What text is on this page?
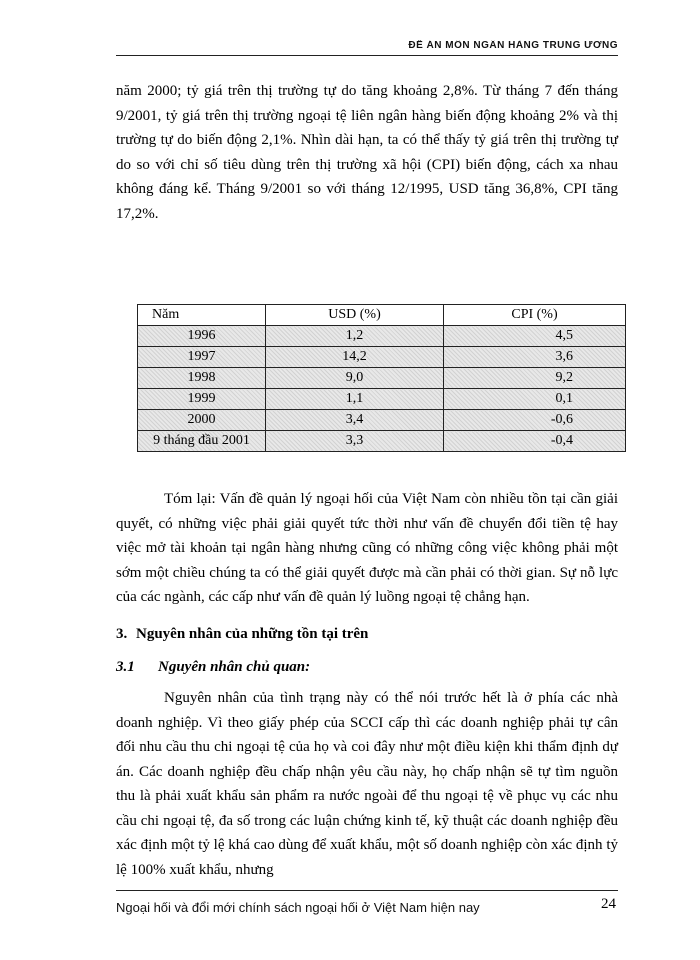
ĐỀ ÁN MÔN NGÂN HÀNG TRUNG ƯƠNG

năm 2000; tỷ giá trên thị trường tự do tăng khoảng 2,8%. Từ tháng 7 đến tháng 9/2001, tỷ giá trên thị trường ngoại tệ liên ngân hàng biến động khoảng 2% và thị trường tự do biến động 2,1%. Nhìn dài hạn, ta có thể thấy tỷ giá trên thị trường tự do so với chỉ số tiêu dùng trên thị trường xã hội (CPI) biến động, cách xa nhau không đáng kể. Tháng 9/2001 so với tháng 12/1995, USD tăng 36,8%, CPI tăng 17,2%.

Năm	USD (%)	CPI (%)
1996	1,2	4,5
1997	14,2	3,6
1998	9,0	9,2
1999	1,1	0,1
2000	3,4	-0,6
9 tháng đầu 2001	3,3	-0,4

Tóm lại: Vấn đề quản lý ngoại hối của Việt Nam còn nhiều tồn tại cần giải quyết, có những việc phải giải quyết tức thời như vấn đề chuyển đổi tiền tệ hay việc mở tài khoản tại ngân hàng nhưng cũng có những công việc không phải một sớm một chiều chúng ta có thể giải quyết được mà cần phải có thời gian. Sự nỗ lực của các ngành, các cấp như vấn đề quản lý luồng ngoại tệ chẳng hạn.

3. Nguyên nhân của những tồn tại trên
3.1 Nguyên nhân chủ quan:

Nguyên nhân của tình trạng này có thể nói trước hết là ở phía các nhà doanh nghiệp. Vì theo giấy phép của SCCI cấp thì các doanh nghiệp phải tự cân đối nhu cầu thu chi ngoại tệ của họ và coi đây như một điều kiện khi thẩm định dự án. Các doanh nghiệp đều chấp nhận yêu cầu này, họ chấp nhận sẽ tự tìm nguồn thu là phải xuất khẩu sản phẩm ra nước ngoài để thu ngoại tệ về phục vụ các nhu cầu chi ngoại tệ, đa số trong các luận chứng kinh tế, kỹ thuật các doanh nghiệp đều xác định một tỷ lệ khá cao dùng để xuất khẩu, một số doanh nghiệp còn xác định tỷ lệ 100% xuất khẩu, nhưng

Ngoại hối và đổi mới chính sách ngoại hối ở Việt Nam hiện nay	24
